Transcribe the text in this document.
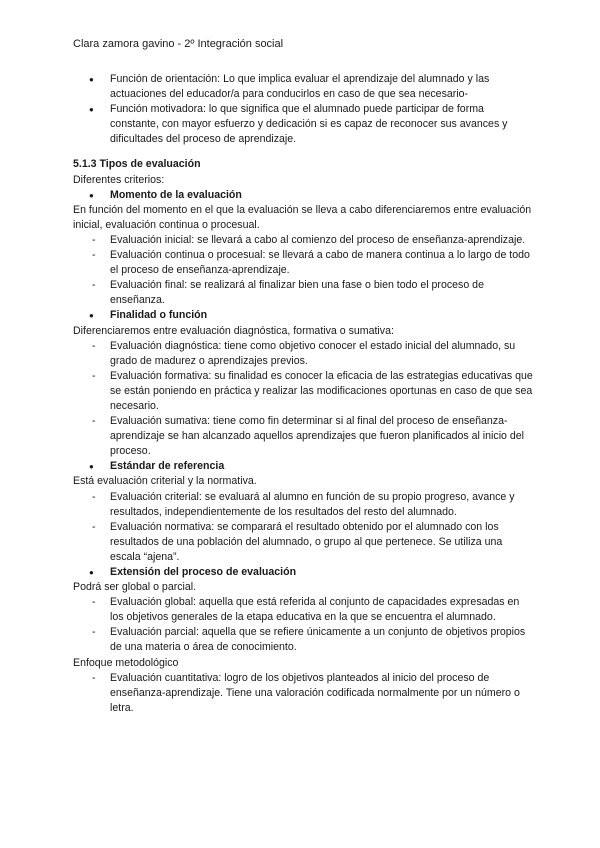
Clara zamora gavino - 2º Integración social
● Función de orientación: Lo que implica evaluar el aprendizaje del alumnado y las actuaciones del educador/a para conducirlos en caso de que sea necesario-
● Función motivadora: lo que significa que el alumnado puede participar de forma constante, con mayor esfuerzo y dedicación si es capaz de reconocer sus avances y dificultades del proceso de aprendizaje.

5.1.3 Tipos de evaluación

Diferentes criterios:

● Momento de la evaluación

En función del momento en el que la evaluación se lleva a cabo diferenciaremos entre evaluación inicial, evaluación continua o procesual.

- Evaluación inicial: se llevará a cabo al comienzo del proceso de enseñanza-aprendizaje.
- Evaluación continua o procesual: se llevará a cabo de manera continua a lo largo de todo el proceso de enseñanza-aprendizaje.
- Evaluación final: se realizará al finalizar bien una fase o bien todo el proceso de enseñanza.
● Finalidad o función

Diferenciaremos entre evaluación diagnóstica, formativa o sumativa:

- Evaluación diagnóstica: tiene como objetivo conocer el estado inicial del alumnado, su grado de madurez o aprendizajes previos.
- Evaluación formativa: su finalidad es conocer la eficacia de las estrategias educativas que se están poniendo en práctica y realizar las modificaciones oportunas en caso de que sea necesario.
- Evaluación sumativa: tiene como fin determinar si al final del proceso de enseñanza-aprendizaje se han alcanzado aquellos aprendizajes que fueron planificados al inicio del proceso.
● Estándar de referencia

Está evaluación criterial y la normativa.

- Evaluación criterial: se evaluará al alumno en función de su propio progreso, avance y resultados, independientemente de los resultados del resto del alumnado.
- Evaluación normativa: se comparará el resultado obtenido por el alumnado con los resultados de una población del alumnado, o grupo al que pertenece. Se utiliza una escala “ajena”.
● Extensión del proceso de evaluación

Podrá ser global o parcial.

- Evaluación global: aquella que está referida al conjunto de capacidades expresadas en los objetivos generales de la etapa educativa en la que se encuentra el alumnado.
- Evaluación parcial: aquella que se refiere únicamente a un conjunto de objetivos propios de una materia o área de conocimiento.

Enfoque metodológico

- Evaluación cuantitativa: logro de los objetivos planteados al inicio del proceso de enseñanza-aprendizaje. Tiene una valoración codificada normalmente por un número o letra.
